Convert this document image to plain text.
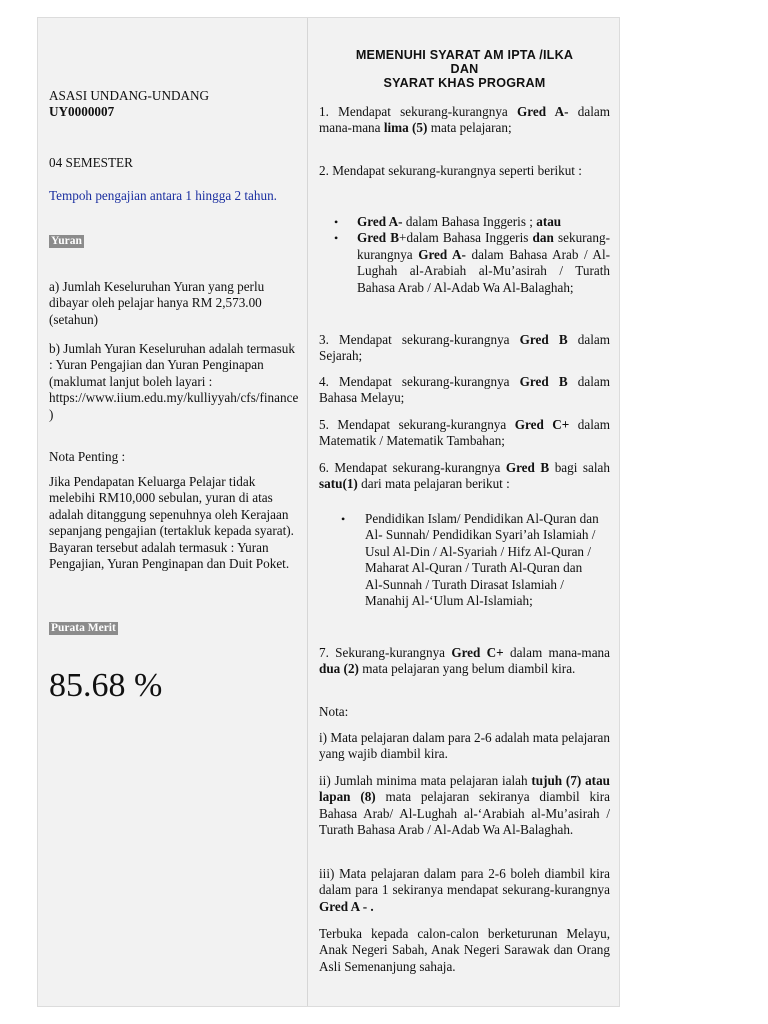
ASASI UNDANG-UNDANG
UY0000007
04 SEMESTER
Tempoh pengajian antara 1 hingga 2 tahun.
Yuran
a) Jumlah Keseluruhan Yuran yang perlu dibayar oleh pelajar hanya RM 2,573.00 (setahun)
b) Jumlah Yuran Keseluruhan adalah termasuk : Yuran Pengajian dan Yuran Penginapan (maklumat lanjut boleh layari : https://www.iium.edu.my/kulliyyah/cfs/finance)
Nota Penting :
Jika Pendapatan Keluarga Pelajar tidak melebihi RM10,000 sebulan, yuran di atas adalah ditanggung sepenuhnya oleh Kerajaan sepanjang pengajian (tertakluk kepada syarat). Bayaran tersebut adalah termasuk : Yuran Pengajian, Yuran Penginapan dan Duit Poket.
Purata Merit
85.68 %
MEMENUHI SYARAT AM IPTA /ILKA
DAN
SYARAT KHAS PROGRAM
1. Mendapat sekurang-kurangnya Gred A- dalam mana-mana lima (5) mata pelajaran;
2. Mendapat sekurang-kurangnya seperti berikut :
• Gred A- dalam Bahasa Inggeris ; atau
• Gred B+dalam Bahasa Inggeris dan sekurang-kurangnya Gred A- dalam Bahasa Arab / Al-Lughah al-Arabiah al-Mu’asirah / Turath Bahasa Arab / Al-Adab Wa Al-Balaghah;
3. Mendapat sekurang-kurangnya Gred B dalam Sejarah;
4. Mendapat sekurang-kurangnya Gred B dalam Bahasa Melayu;
5. Mendapat sekurang-kurangnya Gred C+ dalam Matematik / Matematik Tambahan;
6. Mendapat sekurang-kurangnya Gred B bagi salah satu(1) dari mata pelajaran berikut :
• Pendidikan Islam/ Pendidikan Al-Quran dan Al- Sunnah/ Pendidikan Syari’ah Islamiah / Usul Al-Din / Al-Syariah / Hifz Al-Quran / Maharat Al-Quran / Turath Al-Quran dan Al-Sunnah / Turath Dirasat Islamiah / Manahij Al-‘Ulum Al-Islamiah;
7. Sekurang-kurangnya Gred C+ dalam mana-mana dua (2) mata pelajaran yang belum diambil kira.
Nota:
i) Mata pelajaran dalam para 2-6 adalah mata pelajaran yang wajib diambil kira.
ii) Jumlah minima mata pelajaran ialah tujuh (7) atau lapan (8) mata pelajaran sekiranya diambil kira Bahasa Arab/ Al-Lughah al-‘Arabiah al-Mu’asirah / Turath Bahasa Arab / Al-Adab Wa Al-Balaghah.
iii) Mata pelajaran dalam para 2-6 boleh diambil kira dalam para 1 sekiranya mendapat sekurang-kurangnya Gred A - .
Terbuka kepada calon-calon berketurunan Melayu, Anak Negeri Sabah, Anak Negeri Sarawak dan Orang Asli Semenanjung sahaja.
